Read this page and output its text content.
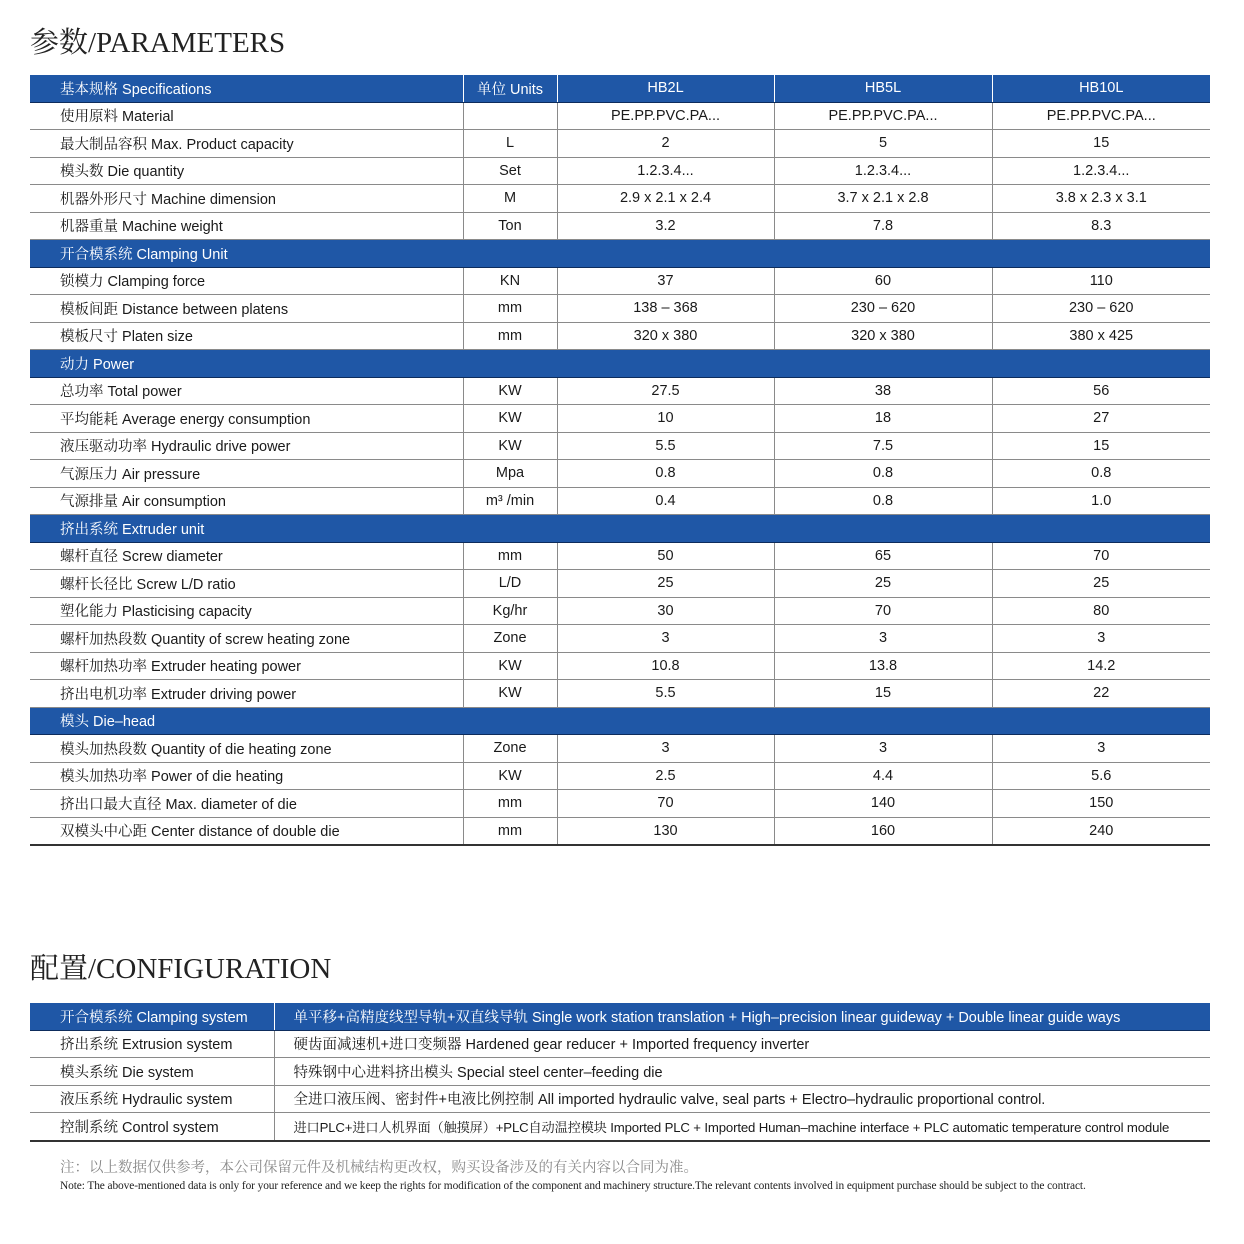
参数/PARAMETERS
基本规格 Specifications	单位 Units	HB2L	HB5L	HB10L
使用原料 Material		PE.PP.PVC.PA...	PE.PP.PVC.PA...	PE.PP.PVC.PA...
最大制品容积 Max. Product capacity	L	2	5	15
模头数 Die quantity	Set	1.2.3.4...	1.2.3.4...	1.2.3.4...
机器外形尺寸 Machine dimension	M	2.9 x 2.1 x 2.4	3.7 x 2.1 x 2.8	3.8 x 2.3 x 3.1
机器重量 Machine weight	Ton	3.2	7.8	8.3
开合模系统 Clamping Unit				
锁模力 Clamping force	KN	37	60	110
模板间距 Distance between platens	mm	138 – 368	230 – 620	230 – 620
模板尺寸 Platen size	mm	320 x 380	320 x 380	380 x 425
动力 Power				
总功率 Total power	KW	27.5	38	56
平均能耗 Average energy consumption	KW	10	18	27
液压驱动功率 Hydraulic drive power	KW	5.5	7.5	15
气源压力 Air pressure	Mpa	0.8	0.8	0.8
气源排量 Air consumption	m³ /min	0.4	0.8	1.0
挤出系统 Extruder unit				
螺杆直径 Screw diameter	mm	50	65	70
螺杆长径比 Screw L/D ratio	L/D	25	25	25
塑化能力 Plasticising capacity	Kg/hr	30	70	80
螺杆加热段数 Quantity of screw heating zone	Zone	3	3	3
螺杆加热功率 Extruder heating power	KW	10.8	13.8	14.2
挤出电机功率 Extruder driving power	KW	5.5	15	22
模头 Die–head				
模头加热段数 Quantity of die heating zone	Zone	3	3	3
模头加热功率 Power of die heating	KW	2.5	4.4	5.6
挤出口最大直径 Max. diameter of die	mm	70	140	150
双模头中心距 Center distance of double die	mm	130	160	240
配置/CONFIGURATION
开合模系统 Clamping system	单平移+高精度线型导轨+双直线导轨 Single work station translation + High–precision linear guideway + Double linear guide ways
挤出系统 Extrusion system	硬齿面减速机+进口变频器 Hardened gear reducer + Imported frequency inverter
模头系统 Die system	特殊钢中心进料挤出模头 Special steel center–feeding die
液压系统 Hydraulic system	全进口液压阀、密封件+电液比例控制 All imported hydraulic valve, seal parts + Electro–hydraulic proportional control.
控制系统 Control system	进口PLC+进口人机界面（触摸屏）+PLC自动温控模块 Imported PLC + Imported Human–machine interface + PLC automatic temperature control module
注：以上数据仅供参考，本公司保留元件及机械结构更改权，购买设备涉及的有关内容以合同为准。
Note: The above-mentioned data is only for your reference and we keep the rights for modification of the component and machinery structure.The relevant contents involved in equipment purchase should be subject to the contract.
